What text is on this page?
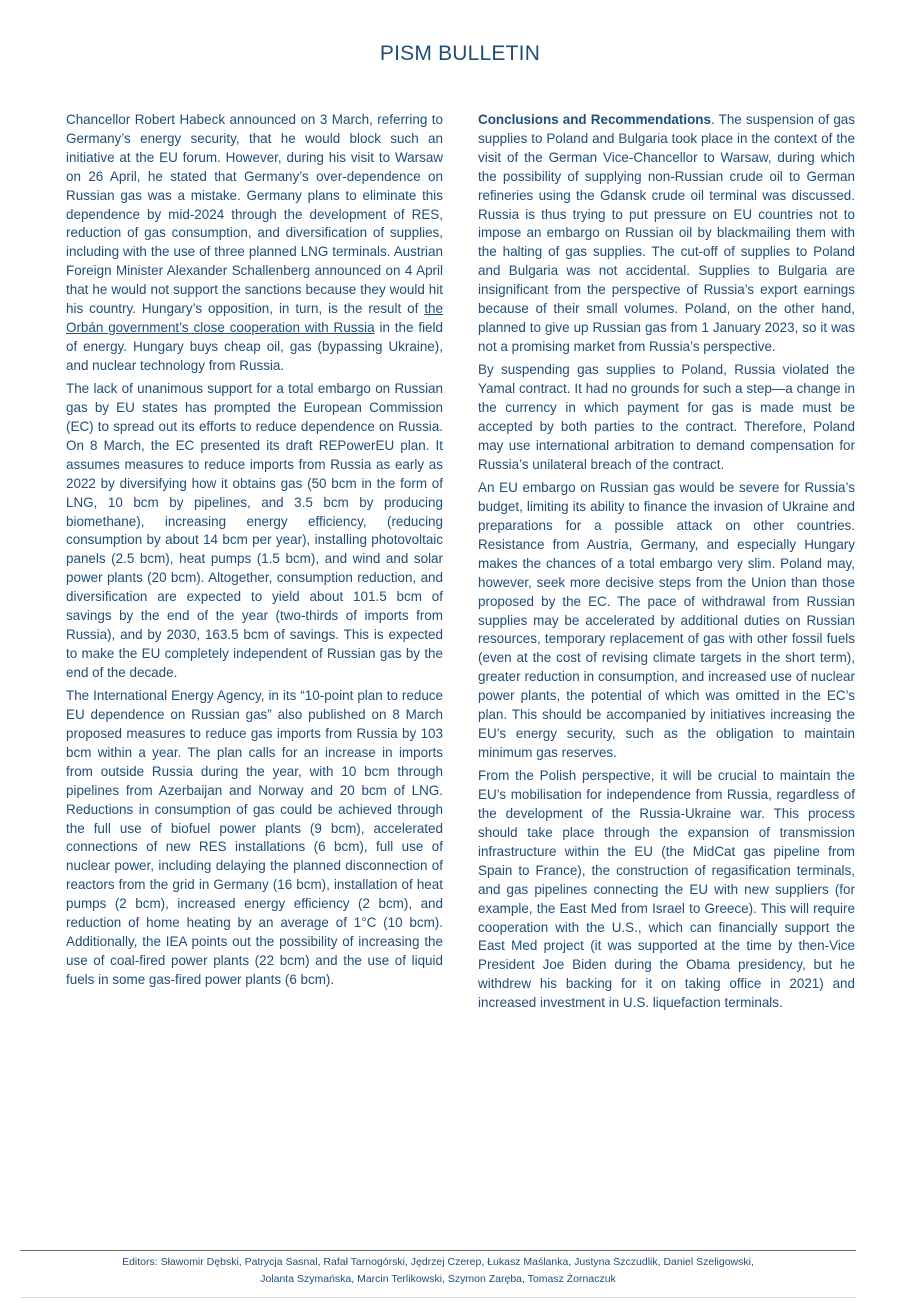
PISM BULLETIN

Chancellor Robert Habeck announced on 3 March, referring to Germany’s energy security, that he would block such an initiative at the EU forum. However, during his visit to Warsaw on 26 April, he stated that Germany’s over-dependence on Russian gas was a mistake. Germany plans to eliminate this dependence by mid-2024 through the development of RES, reduction of gas consumption, and diversification of supplies, including with the use of three planned LNG terminals. Austrian Foreign Minister Alexander Schallenberg announced on 4 April that he would not support the sanctions because they would hit his country. Hungary’s opposition, in turn, is the result of the Orbán government’s close cooperation with Russia in the field of energy. Hungary buys cheap oil, gas (bypassing Ukraine), and nuclear technology from Russia.

The lack of unanimous support for a total embargo on Russian gas by EU states has prompted the European Commission (EC) to spread out its efforts to reduce dependence on Russia. On 8 March, the EC presented its draft REPowerEU plan. It assumes measures to reduce imports from Russia as early as 2022 by diversifying how it obtains gas (50 bcm in the form of LNG, 10 bcm by pipelines, and 3.5 bcm by producing biomethane), increasing energy efficiency, (reducing consumption by about 14 bcm per year), installing photovoltaic panels (2.5 bcm), heat pumps (1.5 bcm), and wind and solar power plants (20 bcm). Altogether, consumption reduction, and diversification are expected to yield about 101.5 bcm of savings by the end of the year (two-thirds of imports from Russia), and by 2030, 163.5 bcm of savings. This is expected to make the EU completely independent of Russian gas by the end of the decade.

The International Energy Agency, in its “10-point plan to reduce EU dependence on Russian gas” also published on 8 March proposed measures to reduce gas imports from Russia by 103 bcm within a year. The plan calls for an increase in imports from outside Russia during the year, with 10 bcm through pipelines from Azerbaijan and Norway and 20 bcm of LNG. Reductions in consumption of gas could be achieved through the full use of biofuel power plants (9 bcm), accelerated connections of new RES installations (6 bcm), full use of nuclear power, including delaying the planned disconnection of reactors from the grid in Germany (16 bcm), installation of heat pumps (2 bcm), increased energy efficiency (2 bcm), and reduction of home heating by an average of 1°C (10 bcm). Additionally, the IEA points out the possibility of increasing the use of coal-fired power plants (22 bcm) and the use of liquid fuels in some gas-fired power plants (6 bcm).

Conclusions and Recommendations. The suspension of gas supplies to Poland and Bulgaria took place in the context of the visit of the German Vice-Chancellor to Warsaw, during which the possibility of supplying non-Russian crude oil to German refineries using the Gdansk crude oil terminal was discussed. Russia is thus trying to put pressure on EU countries not to impose an embargo on Russian oil by blackmailing them with the halting of gas supplies. The cut-off of supplies to Poland and Bulgaria was not accidental. Supplies to Bulgaria are insignificant from the perspective of Russia’s export earnings because of their small volumes. Poland, on the other hand, planned to give up Russian gas from 1 January 2023, so it was not a promising market from Russia’s perspective.

By suspending gas supplies to Poland, Russia violated the Yamal contract. It had no grounds for such a step—a change in the currency in which payment for gas is made must be accepted by both parties to the contract. Therefore, Poland may use international arbitration to demand compensation for Russia’s unilateral breach of the contract.

An EU embargo on Russian gas would be severe for Russia’s budget, limiting its ability to finance the invasion of Ukraine and preparations for a possible attack on other countries. Resistance from Austria, Germany, and especially Hungary makes the chances of a total embargo very slim. Poland may, however, seek more decisive steps from the Union than those proposed by the EC. The pace of withdrawal from Russian supplies may be accelerated by additional duties on Russian resources, temporary replacement of gas with other fossil fuels (even at the cost of revising climate targets in the short term), greater reduction in consumption, and increased use of nuclear power plants, the potential of which was omitted in the EC’s plan. This should be accompanied by initiatives increasing the EU’s energy security, such as the obligation to maintain minimum gas reserves.

From the Polish perspective, it will be crucial to maintain the EU’s mobilisation for independence from Russia, regardless of the development of the Russia-Ukraine war. This process should take place through the expansion of transmission infrastructure within the EU (the MidCat gas pipeline from Spain to France), the construction of regasification terminals, and gas pipelines connecting the EU with new suppliers (for example, the East Med from Israel to Greece). This will require cooperation with the U.S., which can financially support the East Med project (it was supported at the time by then-Vice President Joe Biden during the Obama presidency, but he withdrew his backing for it on taking office in 2021) and increased investment in U.S. liquefaction terminals.

Editors: Sławomir Dębski, Patrycja Sasnal, Rafał Tarnogórski, Jędrzej Czerep, Łukasz Maślanka, Justyna Szczudlik, Daniel Szeligowski,
Jolanta Szymańska, Marcin Terlikowski, Szymon Zaręba, Tomasz Żornaczuk
